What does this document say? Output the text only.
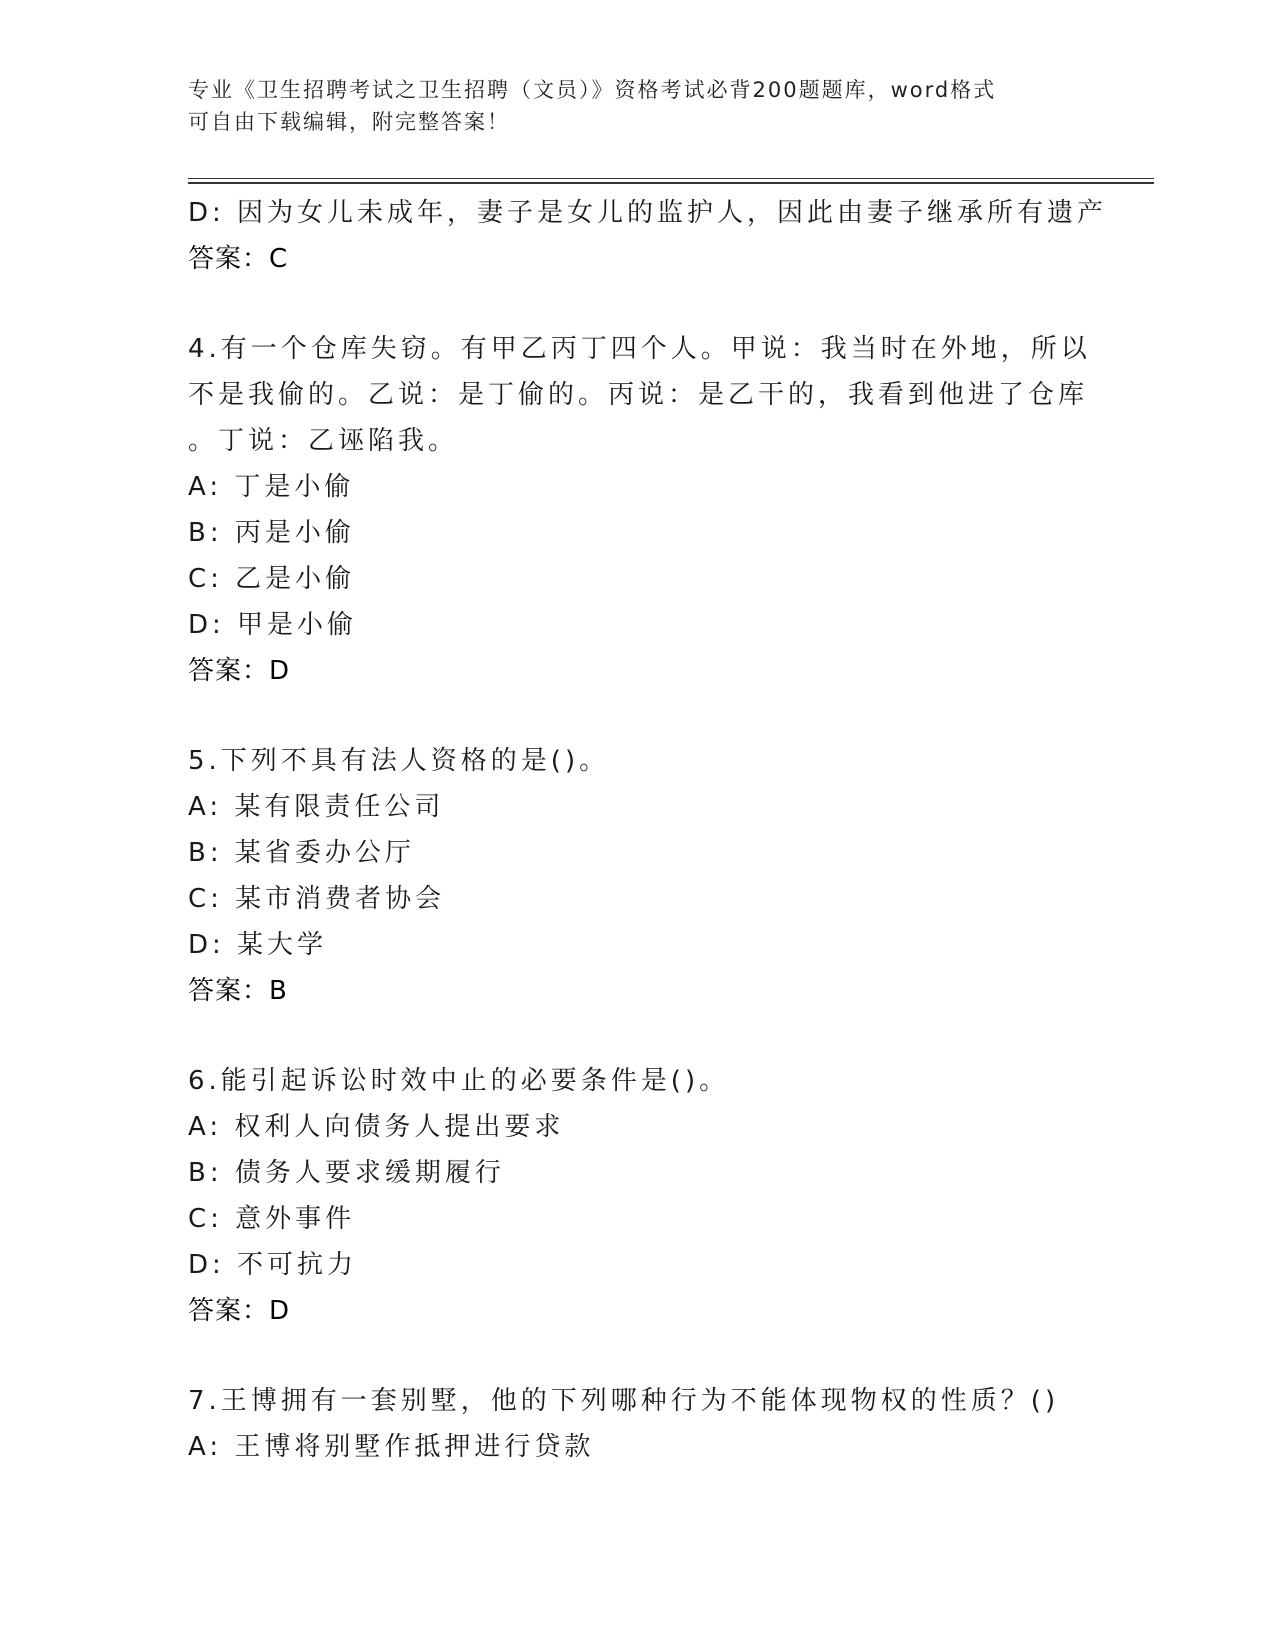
专业《卫生招聘考试之卫生招聘（文员）》资格考试必背200题题库，word格式
可自由下载编辑，附完整答案！
D: 因为女儿未成年，妻子是女儿的监护人，因此由妻子继承所有遗产
答案：C
4.有一个仓库失窃。有甲乙丙丁四个人。甲说：我当时在外地，所以
不是我偷的。乙说：是丁偷的。丙说：是乙干的，我看到他进了仓库
。丁说：乙诬陷我。
A: 丁是小偷
B: 丙是小偷
C: 乙是小偷
D: 甲是小偷
答案：D
5.下列不具有法人资格的是()。
A: 某有限责任公司
B: 某省委办公厅
C: 某市消费者协会
D: 某大学
答案：B
6.能引起诉讼时效中止的必要条件是()。
A: 权利人向债务人提出要求
B: 债务人要求缓期履行
C: 意外事件
D: 不可抗力
答案：D
7.王博拥有一套别墅，他的下列哪种行为不能体现物权的性质？()
A: 王博将别墅作抵押进行贷款
